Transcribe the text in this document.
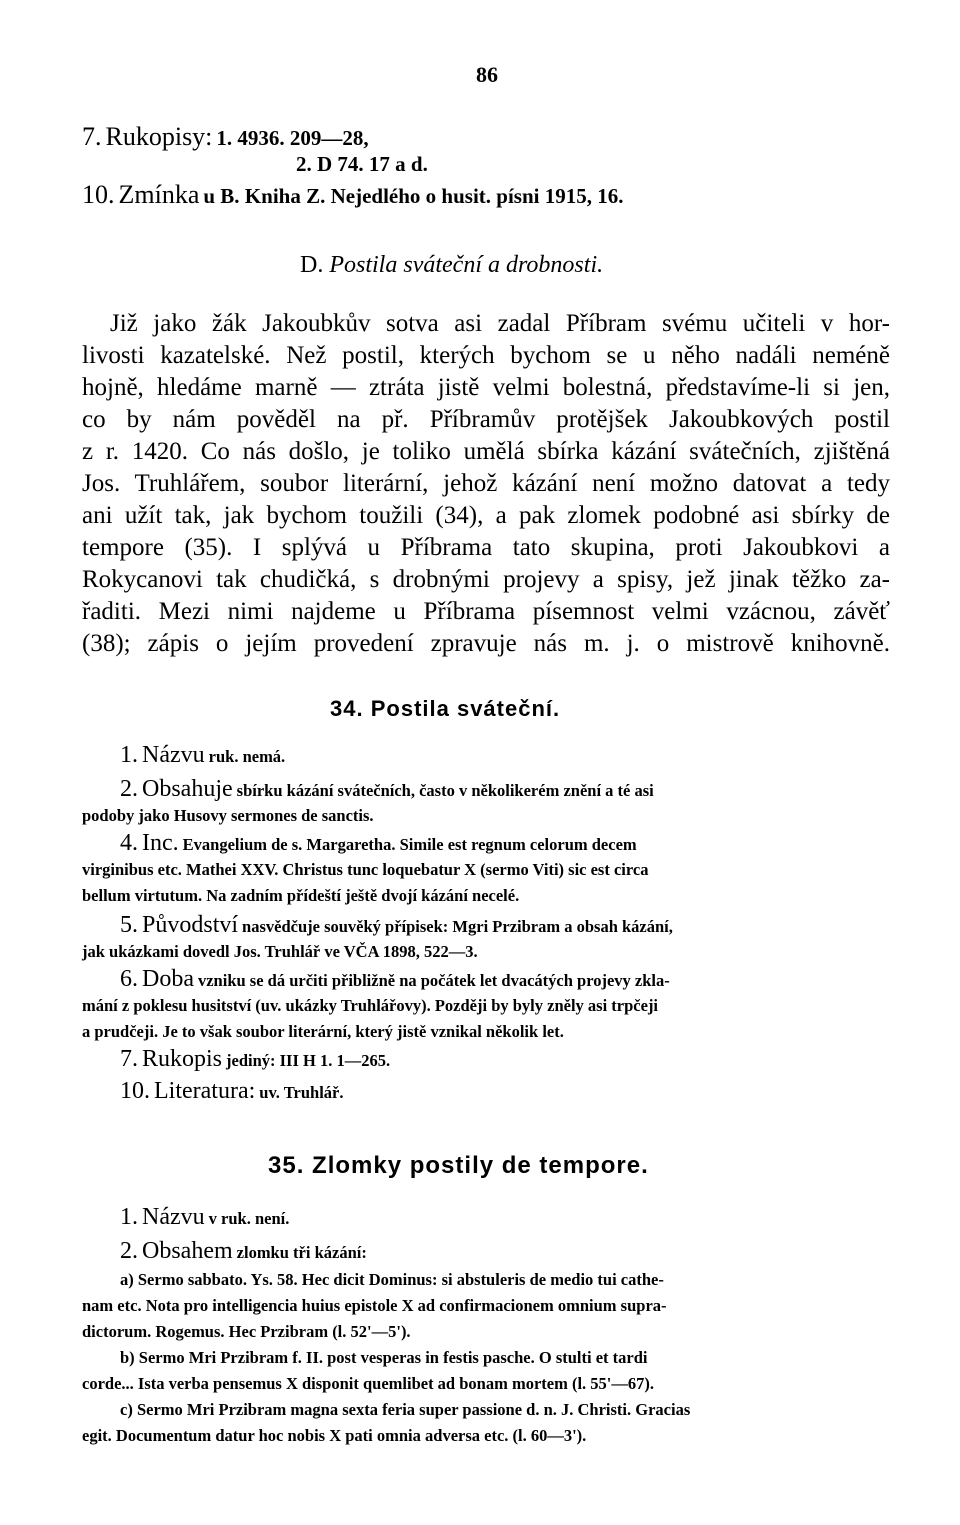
86
7. Rukopisy: 1. 4936. 209—28,
2. D 74. 17 a d.
10. Zmínka u B. Kniha Z. Nejedlého o husit. písni 1915, 16.
D. Postila sváteční a drobnosti.
Již jako žák Jakoubkův sotva asi zadal Příbram svému učiteli v hor-
livosti kazatelské. Než postil, kterých bychom se u něho nadáli neméně
hojně, hledáme marně — ztráta jistě velmi bolestná, představíme-li si jen,
co by nám pověděl na př. Příbramův protějšek Jakoubkových postil
z r. 1420. Co nás došlo, je toliko umělá sbírka kázání svátečních, zjištěná
Jos. Truhlářem, soubor literární, jehož kázání není možno datovat a tedy
ani užít tak, jak bychom toužili (34), a pak zlomek podobné asi sbírky de
tempore (35). I splývá u Příbrama tato skupina, proti Jakoubkovi a
Rokycanovi tak chudičká, s drobnými projevy a spisy, jež jinak těžko za-
řaditi. Mezi nimi najdeme u Příbrama písemnost velmi vzácnou, závěť
(38); zápis o jejím provedení zpravuje nás m. j. o mistrově knihovně.
34. Postila sváteční.
1. Názvu ruk. nemá.
2. Obsahuje sbírku kázání svátečních, často v několikerém znění a té asi
podoby jako Husovy sermones de sanctis.
4. Inc. Evangelium de s. Margaretha. Simile est regnum celorum decem
virginibus etc. Mathei XXV. Christus tunc loquebatur X (sermo Viti) sic est circa
bellum virtutum. Na zadním přídeští ještě dvojí kázání necelé.
5. Původství nasvědčuje souvěký přípisek: Mgri Przibram a obsah kázání,
jak ukázkami dovedl Jos. Truhlář ve VČA 1898, 522—3.
6. Doba vzniku se dá určiti přibližně na počátek let dvacátých projevy zkla-
mání z poklesu husitství (uv. ukázky Truhlářovy). Později by byly zněly asi trpčeji
a prudčeji. Je to však soubor literární, který jistě vznikal několik let.
7. Rukopis jediný: III H 1. 1—265.
10. Literatura: uv. Truhlář.
35. Zlomky postily de tempore.
1. Názvu v ruk. není.
2. Obsahem zlomku tři kázání:
a) Sermo sabbato. Ys. 58. Hec dicit Dominus: si abstuleris de medio tui cathe-
nam etc. Nota pro intelligencia huius epistole X ad confirmacionem omnium supra-
dictorum. Rogemus. Hec Przibram (l. 52'—5').
b) Sermo Mri Przibram f. II. post vesperas in festis pasche. O stulti et tardi
corde... Ista verba pensemus X disponit quemlibet ad bonam mortem (l. 55'—67).
c) Sermo Mri Przibram magna sexta feria super passione d. n. J. Christi. Gracias
egit. Documentum datur hoc nobis X pati omnia adversa etc. (l. 60—3').
